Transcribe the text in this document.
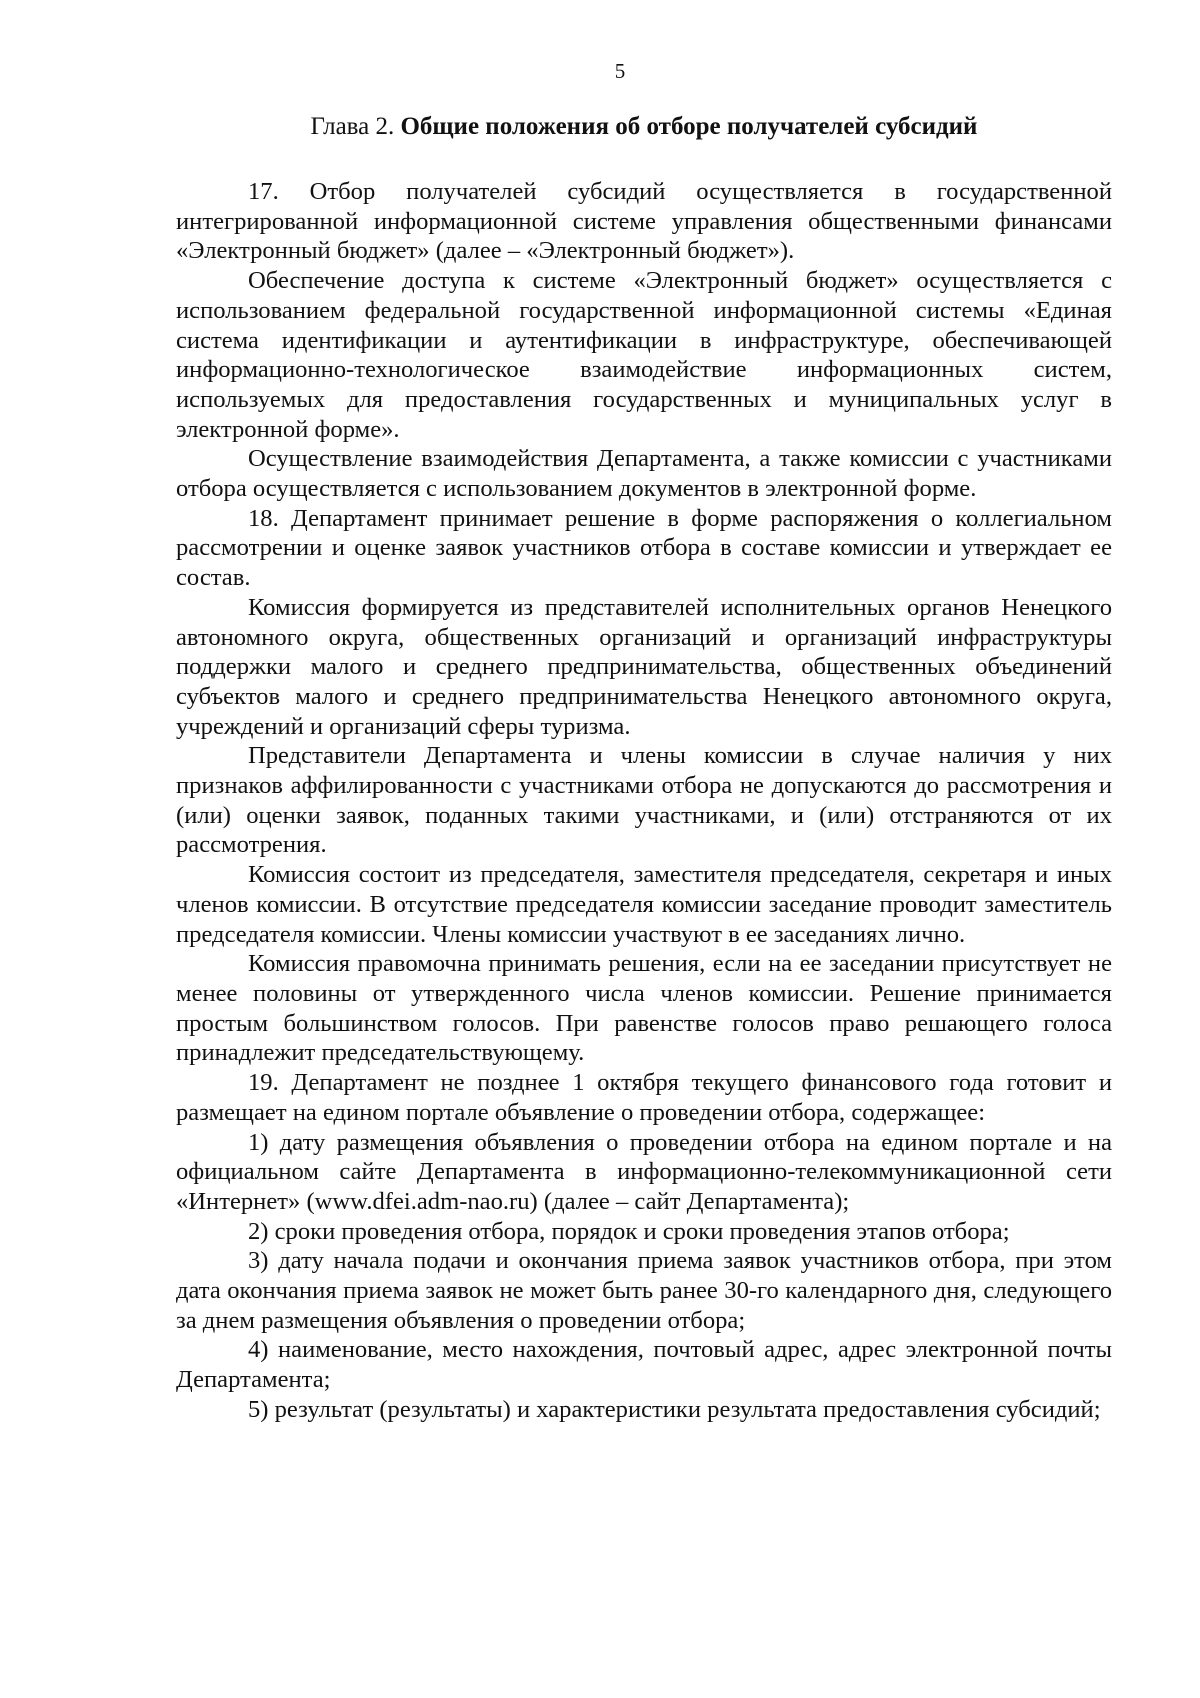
5
Глава 2. Общие положения об отборе получателей субсидий

17. Отбор получателей субсидий осуществляется в государственной интегрированной информационной системе управления общественными финансами «Электронный бюджет» (далее – «Электронный бюджет»).

Обеспечение доступа к системе «Электронный бюджет» осуществляется с использованием федеральной государственной информационной системы «Единая система идентификации и аутентификации в инфраструктуре, обеспечивающей информационно-технологическое взаимодействие информационных систем, используемых для предоставления государственных и муниципальных услуг в электронной форме».

Осуществление взаимодействия Департамента, а также комиссии с участниками отбора осуществляется с использованием документов в электронной форме.

18. Департамент принимает решение в форме распоряжения о коллегиальном рассмотрении и оценке заявок участников отбора в составе комиссии и утверждает ее состав.

Комиссия формируется из представителей исполнительных органов Ненецкого автономного округа, общественных организаций и организаций инфраструктуры поддержки малого и среднего предпринимательства, общественных объединений субъектов малого и среднего предпринимательства Ненецкого автономного округа, учреждений и организаций сферы туризма.

Представители Департамента и члены комиссии в случае наличия у них признаков аффилированности с участниками отбора не допускаются до рассмотрения и (или) оценки заявок, поданных такими участниками, и (или) отстраняются от их рассмотрения.

Комиссия состоит из председателя, заместителя председателя, секретаря и иных членов комиссии. В отсутствие председателя комиссии заседание проводит заместитель председателя комиссии. Члены комиссии участвуют в ее заседаниях лично.

Комиссия правомочна принимать решения, если на ее заседании присутствует не менее половины от утвержденного числа членов комиссии. Решение принимается простым большинством голосов. При равенстве голосов право решающего голоса принадлежит председательствующему.

19. Департамент не позднее 1 октября текущего финансового года готовит и размещает на едином портале объявление о проведении отбора, содержащее:

1) дату размещения объявления о проведении отбора на едином портале и на официальном сайте Департамента в информационно-телекоммуникационной сети «Интернет» (www.dfei.adm-nao.ru) (далее – сайт Департамента);

2) сроки проведения отбора, порядок и сроки проведения этапов отбора;

3) дату начала подачи и окончания приема заявок участников отбора, при этом дата окончания приема заявок не может быть ранее 30-го календарного дня, следующего за днем размещения объявления о проведении отбора;

4) наименование, место нахождения, почтовый адрес, адрес электронной почты Департамента;

5) результат (результаты) и характеристики результата предоставления субсидий;
